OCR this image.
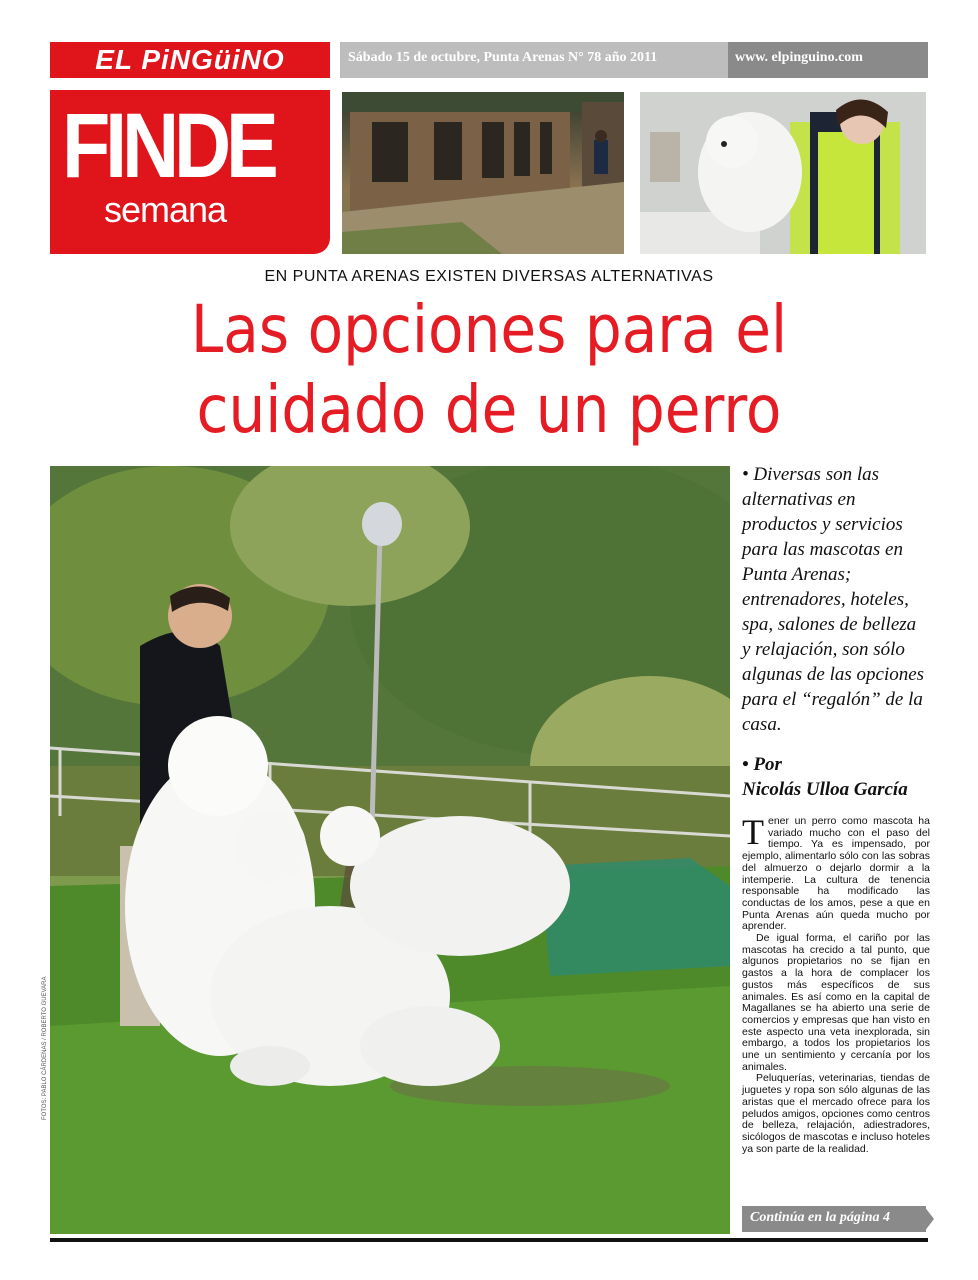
EL PiNGüiNO	Sábado 15 de octubre, Punta Arenas N° 78 año 2011	www. elpinguino.com
FINDE
semana
EN PUNTA ARENAS EXISTEN DIVERSAS ALTERNATIVAS
Las opciones para el cuidado de un perro
FOTOS: PABLO CÁRDENAS / ROBERTO GUEVARA
• Diversas son las alternativas en productos y servicios para las mascotas en Punta Arenas; entrenadores, hoteles, spa, salones de belleza y relajación, son sólo algunas de las opciones para el “regalón” de la casa.
• Por
Nicolás Ulloa García

Tener un perro como mascota ha variado mucho con el paso del tiempo. Ya es impensado, por ejemplo, alimentarlo sólo con las sobras del almuerzo o dejarlo dormir a la intemperie. La cultura de tenencia responsable ha modificado las conductas de los amos, pese a que en Punta Arenas aún queda mucho por aprender.

De igual forma, el cariño por las mascotas ha crecido a tal punto, que algunos propietarios no se fijan en gastos a la hora de complacer los gustos más específicos de sus animales. Es así como en la capital de Magallanes se ha abierto una serie de comercios y empresas que han visto en este aspecto una veta inexplorada, sin embargo, a todos los propietarios los une un sentimiento y cercanía por los animales.

Peluquerías, veterinarias, tiendas de juguetes y ropa son sólo algunas de las aristas que el mercado ofrece para los peludos amigos, opciones como centros de belleza, relajación, adiestradores, sicólogos de mascotas e incluso hoteles ya son parte de la realidad.

Continúa en la página 4
